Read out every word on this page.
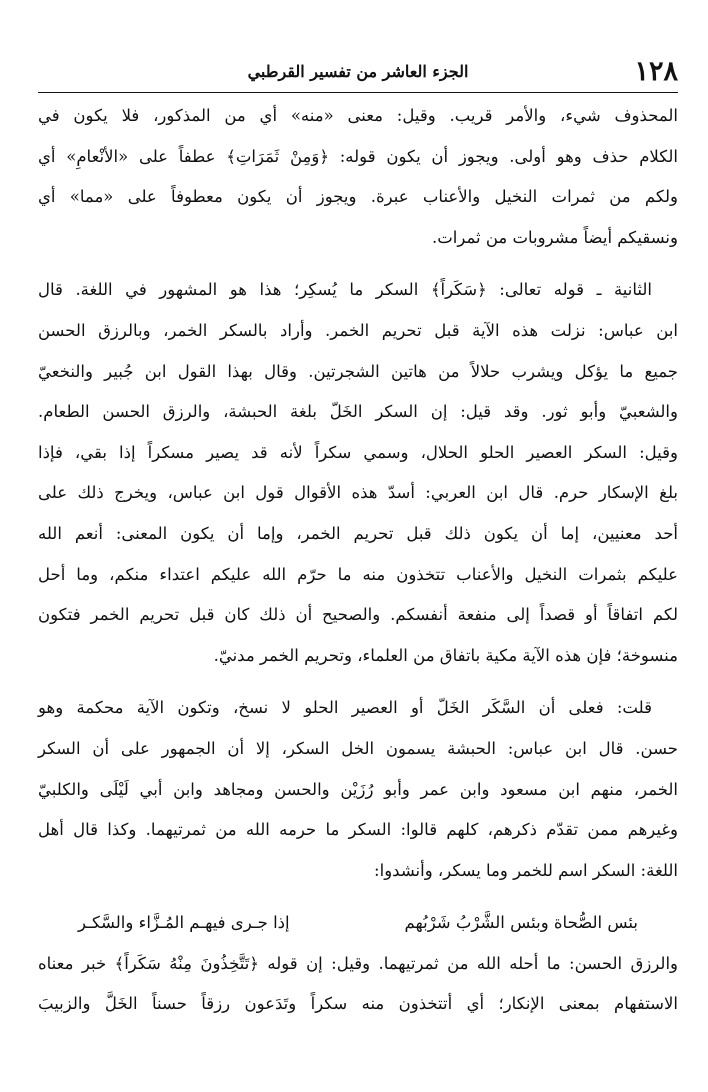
١٢٨
الجزء العاشر من تفسير القرطبي
المحذوف شيء، والأمر قريب. وقيل: معنى «منه» أي من المذكور، فلا يكون في
الكلام حذف وهو أولى. ويجوز أن يكون قوله: ﴿وَمِنْ ثَمَرَاتِ﴾ عطفاً على «الأنْعامِ» أي
ولكم من ثمرات النخيل والأعناب عبرة. ويجوز أن يكون معطوفاً على «مما» أي
ونسقيكم أيضاً مشروبات من ثمرات.
الثانية ـ قوله تعالى: ﴿سَكَراً﴾ السكر ما يُسكِر؛ هذا هو المشهور في اللغة. قال
ابن عباس: نزلت هذه الآية قبل تحريم الخمر. وأراد بالسكر الخمر، وبالرزق الحسن
جميع ما يؤكل ويشرب حلالاً من هاتين الشجرتين. وقال بهذا القول ابن جُبير والنخعيّ
والشعبيّ وأبو ثور. وقد قيل: إن السكر الخَلّ بلغة الحبشة، والرزق الحسن الطعام.
وقيل: السكر العصير الحلو الحلال، وسمي سكراً لأنه قد يصير مسكراً إذا بقي، فإذا
بلغ الإسكار حرم. قال ابن العربي: أسدّ هذه الأقوال قول ابن عباس، ويخرج ذلك على
أحد معنيين، إما أن يكون ذلك قبل تحريم الخمر، وإما أن يكون المعنى: أنعم الله
عليكم بثمرات النخيل والأعناب تتخذون منه ما حرّم الله عليكم اعتداء منكم، وما أحل
لكم اتفاقاً أو قصداً إلى منفعة أنفسكم. والصحيح أن ذلك كان قبل تحريم الخمر فتكون
منسوخة؛ فإن هذه الآية مكية باتفاق من العلماء، وتحريم الخمر مدنيّ.
قلت: فعلى أن السَّكَر الخَلّ أو العصير الحلو لا نسخ، وتكون الآية محكمة وهو
حسن. قال ابن عباس: الحبشة يسمون الخل السكر، إلا أن الجمهور على أن السكر
الخمر، منهم ابن مسعود وابن عمر وأبو رُزَيْن والحسن ومجاهد وابن أبي لَيْلَى والكلبيّ
وغيرهم ممن تقدّم ذكرهم، كلهم قالوا: السكر ما حرمه الله من ثمرتيهما. وكذا قال أهل
اللغة: السكر اسم للخمر وما يسكر، وأنشدوا:
بئس الصُّحاة وبئس الشَّرْبُ شَرْبُهم
إذا جـرى فيهـم المُـزَّاء والسَّكـر
والرزق الحسن: ما أحله الله من ثمرتيهما. وقيل: إن قوله ﴿تَتَّخِذُونَ مِنْهُ سَكَراً﴾ خبر معناه
الاستفهام بمعنى الإنكار؛ أي أتتخذون منه سكراً وتَدَعون رزقاً حسناً الخَلَّ والزبيبَ
